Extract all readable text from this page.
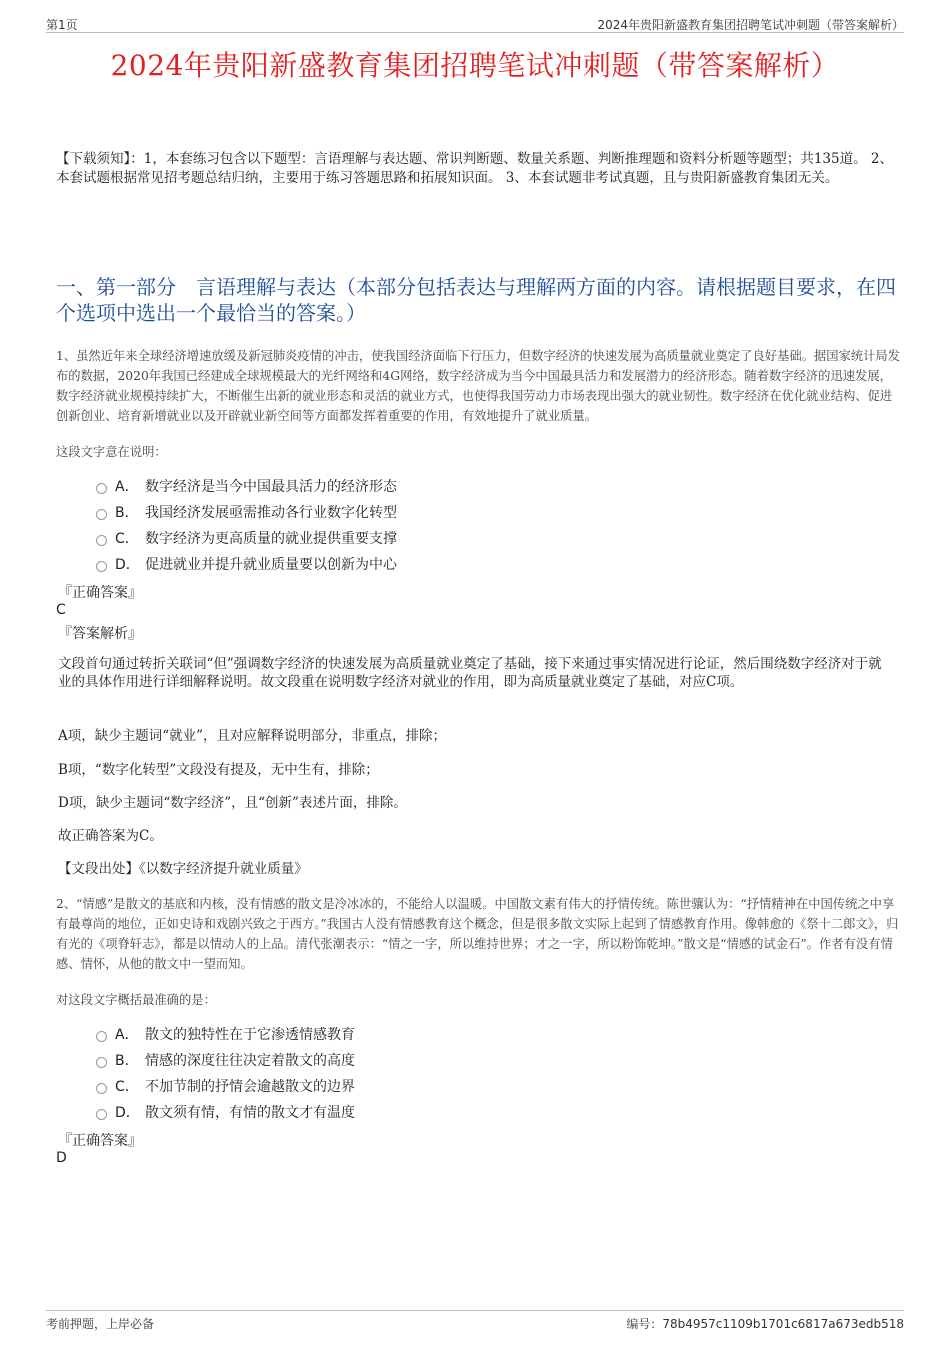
第1页	2024年贵阳新盛教育集团招聘笔试冲刺题（带答案解析）
2024年贵阳新盛教育集团招聘笔试冲刺题（带答案解析）
【下载须知】：1，本套练习包含以下题型：言语理解与表达题、常识判断题、数量关系题、判断推理题和资料分析题等题型；共135道。 2、本套试题根据常见招考题总结归纳，主要用于练习答题思路和拓展知识面。 3、本套试题非考试真题，且与贵阳新盛教育集团无关。
一、第一部分　言语理解与表达（本部分包括表达与理解两方面的内容。请根据题目要求，在四个选项中选出一个最恰当的答案。）
1、虽然近年来全球经济增速放缓及新冠肺炎疫情的冲击，使我国经济面临下行压力，但数字经济的快速发展为高质量就业奠定了良好基础。据国家统计局发布的数据，2020年我国已经建成全球规模最大的光纤网络和4G网络，数字经济成为当今中国最具活力和发展潜力的经济形态。随着数字经济的迅速发展，数字经济就业规模持续扩大，不断催生出新的就业形态和灵活的就业方式，也使得我国劳动力市场表现出强大的就业韧性。数字经济在优化就业结构、促进创新创业、培育新增就业以及开辟就业新空间等方面都发挥着重要的作用，有效地提升了就业质量。
这段文字意在说明：
A． 数字经济是当今中国最具活力的经济形态
B． 我国经济发展亟需推动各行业数字化转型
C． 数字经济为更高质量的就业提供重要支撑
D． 促进就业并提升就业质量要以创新为中心
『正确答案』
C
『答案解析』
文段首句通过转折关联词“但”强调数字经济的快速发展为高质量就业奠定了基础，接下来通过事实情况进行论证，然后围绕数字经济对于就业的具体作用进行详细解释说明。故文段重在说明数字经济对就业的作用，即为高质量就业奠定了基础，对应C项。
A项，缺少主题词“就业”，且对应解释说明部分，非重点，排除；
B项，“数字化转型”文段没有提及，无中生有，排除；
D项，缺少主题词“数字经济”，且“创新”表述片面，排除。
故正确答案为C。
【文段出处】《以数字经济提升就业质量》
2、“情感”是散文的基底和内核，没有情感的散文是冷冰冰的，不能给人以温暖。中国散文素有伟大的抒情传统。陈世骧认为：“抒情精神在中国传统之中享有最尊尚的地位，正如史诗和戏剧兴致之于西方。”我国古人没有情感教育这个概念，但是很多散文实际上起到了情感教育作用。像韩愈的《祭十二郎文》，归有光的《项脊轩志》，都是以情动人的上品。清代张潮表示：“情之一字，所以维持世界；才之一字，所以粉饰乾坤。”散文是“情感的试金石”。作者有没有情感、情怀，从他的散文中一望而知。
对这段文字概括最准确的是：
A． 散文的独特性在于它渗透情感教育
B． 情感的深度往往决定着散文的高度
C． 不加节制的抒情会逾越散文的边界
D． 散文须有情，有情的散文才有温度
『正确答案』
D
考前押题，上岸必备	编号：78b4957c1109b1701c6817a673edb518
